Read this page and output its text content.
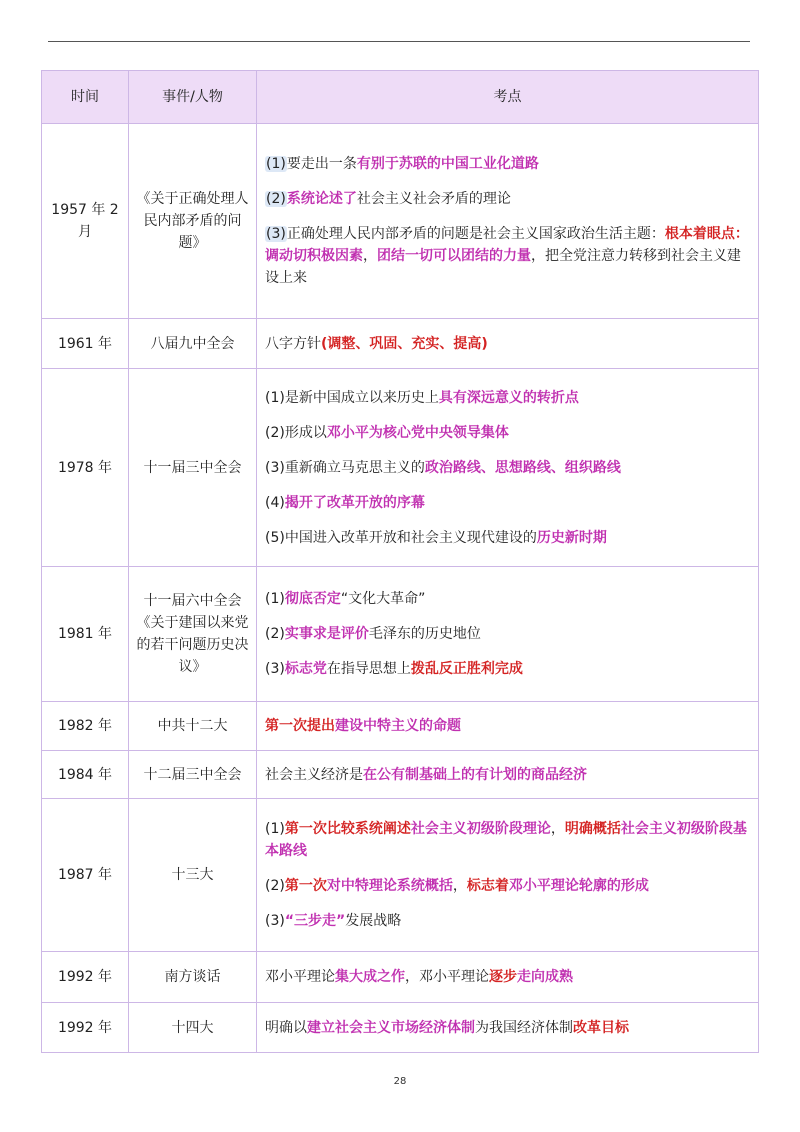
时间	事件/人物	考点
1957 年 2 月	《关于正确处理人民内部矛盾的问题》	(1)要走出一条有别于苏联的中国工业化道路
(2)系统论述了社会主义社会矛盾的理论
(3)正确处理人民内部矛盾的问题是社会主义国家政治生活主题：根本着眼点：调动切积极因素，团结一切可以团结的力量，把全党注意力转移到社会主义建设上来

1961 年	八届九中全会	八字方针(调整、巩固、充实、提高)

1978 年	十一届三中全会	(1)是新中国成立以来历史上具有深远意义的转折点
(2)形成以邓小平为核心党中央领导集体
(3)重新确立马克思主义的政治路线、思想路线、组织路线
(4)揭开了改革开放的序幕
(5)中国进入改革开放和社会主义现代建设的历史新时期

1981 年	十一届六中全会《关于建国以来党的若干问题历史决议》	(1)彻底否定“文化大革命”
(2)实事求是评价毛泽东的历史地位
(3)标志党在指导思想上拨乱反正胜利完成

1982 年	中共十二大	第一次提出建设中特主义的命题

1984 年	十二届三中全会	社会主义经济是在公有制基础上的有计划的商品经济

1987 年	十三大	(1)第一次比较系统阐述社会主义初级阶段理论，明确概括社会主义初级阶段基本路线
(2)第一次对中特理论系统概括，标志着邓小平理论轮廓的形成
(3)“三步走”发展战略

1992 年	南方谈话	邓小平理论集大成之作，邓小平理论逐步走向成熟

1992 年	十四大	明确以建立社会主义市场经济体制为我国经济体制改革目标
28
